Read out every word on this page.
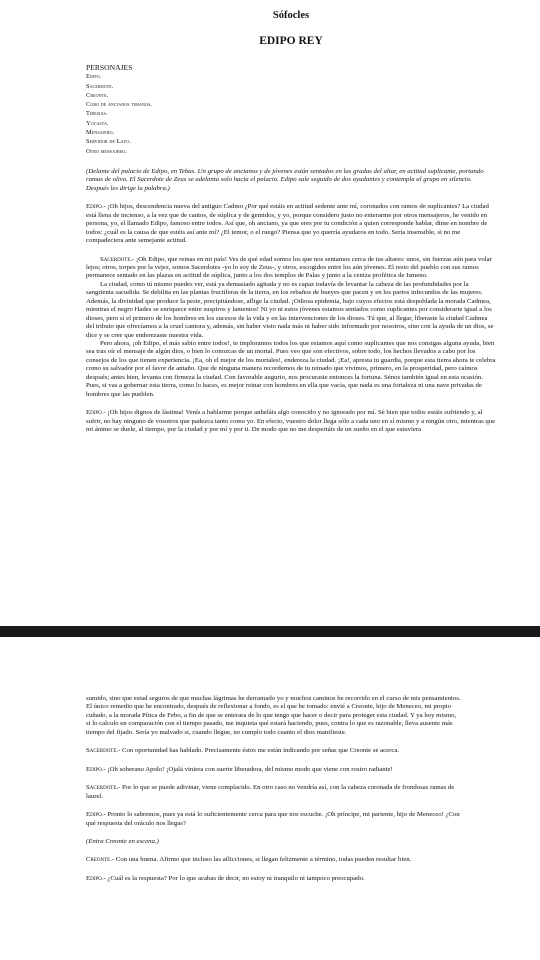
Sófocles
EDIPO REY
PERSONAJES
Edipo.
Sacerdote.
Creonte.
Coro de ancianos tebanos.
Tiresias.
Yocasta.
Mensajero.
Servidor de Layo.
Otro mensajero.

(Delante del palacio de Edipo, en Tebas. Un grupo de ancianos y de jóvenes están sentados en las gradas del altar, en actitud suplicante, portando ramas de olivo. El Sacerdote de Zeus se adelanta solo hacia el palacio. Edipo sale seguido de dos ayudantes y contempla al grupo en silencio. Después les dirige la palabra.)

Edipo.- ¡Oh hijos, descendencia nueva del antiguo Cadmo ¿Por qué estáis en actitud sedente ante mí, coronados con ramos de suplicantes? La ciudad está llena de incienso, a la vez que de cantos, de súplica y de gemidos, y yo, porque considero justo no enterarme por otros mensajeros, he venido en persona, yo, el llamado Edipo, famoso entre todos. Así que, oh anciano, ya que eres por tu condición a quien corresponde hablar, dime en nombre de todos: ¿cuál es la causa de que estéis así ante mí? ¿El temor, o el ruego? Piensa que yo querría ayudaros en todo. Sería insensible, si no me compadeciera ante semejante actitud.

Sacerdote.- ¡Oh Edipo, que reinas en mi país! Ves de qué edad somos los que nos sentamos cerca de tus altares: unos, sin fuerzas aún para volar lejos; otros, torpes por la vejez, somos Sacerdotes -yo lo soy de Zeus-, y otros, escogidos entre los aún jóvenes. El resto del pueblo con sus ramos permanece sentado en las plazas en actitud de súplica, junto a los dos templos de Palas y junto a la ceniza profética de Ismeno.

La ciudad, como tú mismo puedes ver, está ya demasiado agitada y no es capaz todavía de levantar la cabeza de las profundidades por la sangrienta sacudida. Se debilita en las plantas fructíferas de la tierra, en los rebaños de bueyes que pacen y en los partos infecundos de las mujeres. Además, la divinidad que produce la peste, precipitándose, aflige la ciudad. ¡Odiosa epidemia, bajo cuyos efectos está despoblada la morada Cadmea, mientras el negro Hades se enriquece entre suspiros y lamentos! Ni yo ni estos jóvenes estamos sentados como suplicantes por considerarte igual a los dioses, pero sí el primero de los hombres en los sucesos de la vida y en las intervenciones de los dioses. Tú que, al llegar, liberaste la ciudad Cadmea del tributo que ofrecíamos a la cruel cantora y, además, sin haber visto nada más ni haber sido informado por nosotros, sino con la ayuda de un dios, se dice y se cree que enderezaste nuestra vida.

Pero ahora, ¡oh Edipo, el más sabio entre todos!, te imploramos todos los que estamos aquí como suplicantes que nos consigas alguna ayuda, bien sea tras oír el mensaje de algún dios, o bien lo conozcas de un mortal. Pues veo que son efectivos, sobre todo, los hechos llevados a cabo por los consejos de los que tienen experiencia. ¡Ea, oh el mejor de los mortales!, endereza la ciudad. ¡Ea!, apresta tu guardia, porque esta tierra ahora te celebra como su salvador por el favor de antaño. Que de ninguna manera recordemos de tu reinado que vivimos, primero, en la prosperidad, pero caímos después; antes bien, levanta con firmeza la ciudad. Con favorable augurio, nos procuraste entonces la fortuna. Sénos también igual en esta ocasión. Pues, si vas a gobernar esta tierra, como lo haces, es mejor reinar con hombres en ella que vacía, que nada es una fortaleza ni una nave privadas de hombres que las pueblen.

Edipo.- ¡Oh hijos dignos de lástima! Venís a hablarme porque anheláis algo conocido y no ignorado por mí. Sé bien que todos estáis sufriendo y, al sufrir, no hay ninguno de vosotros que padezca tanto como yo. En efecto, vuestro dolor llega sólo a cada uno en sí mismo y a ningún otro, mientras que mi ánimo se duele, al tiempo, por la ciudad y por mí y por ti. De modo que no me despertáis de un sueño en el que estuviera

sumido, sino que estad seguros de que muchas lágrimas he derramado yo y muchos caminos he recorrido en el curso de mis pensamientos. El único remedio que he encontrado, después de reflexionar a fondo, es el que he tomado: envié a Creonte, hijo de Meneceo, mi propio cuñado, a la morada Pítica de Febo, a fin de que se enterara de lo que tengo que hacer o decir para proteger esta ciudad. Y ya hoy mismo, si lo calculo en comparación con el tiempo pasado, me inquieta qué estará haciendo, pues, contra lo que es razonable, lleva ausente más tiempo del fijado. Sería yo malvado si, cuando llegue, no cumplo todo cuanto el dios manifieste.

Sacerdote.- Con oportunidad has hablado. Precisamente éstos me están indicando por señas que Creonte se acerca.

Edipo.- ¡Oh soberano Apolo! ¡Ojalá viniera con suerte liberadora, del mismo modo que viene con rostro radiante!

Sacerdote.- Por lo que se puede adivinar, viene complacido. En otro caso no vendría así, con la cabeza coronada de frondosas ramas de laurel.

Edipo.- Pronto lo sabremos, pues ya está lo suficientemente cerca para que nos escuche. ¡Oh príncipe, mi pariente, hijo de Meneceo! ¿Con qué respuesta del oráculo nos llegas?

(Entra Creonte en escena.)

Creonte.- Con una buena. Afirmo que incluso las aflicciones, si llegan felizmente a término, todas pueden resultar bien.

Edipo.- ¿Cuál es la respuesta? Por lo que acabas de decir, no estoy ni tranquilo ni tampoco preocupado.
